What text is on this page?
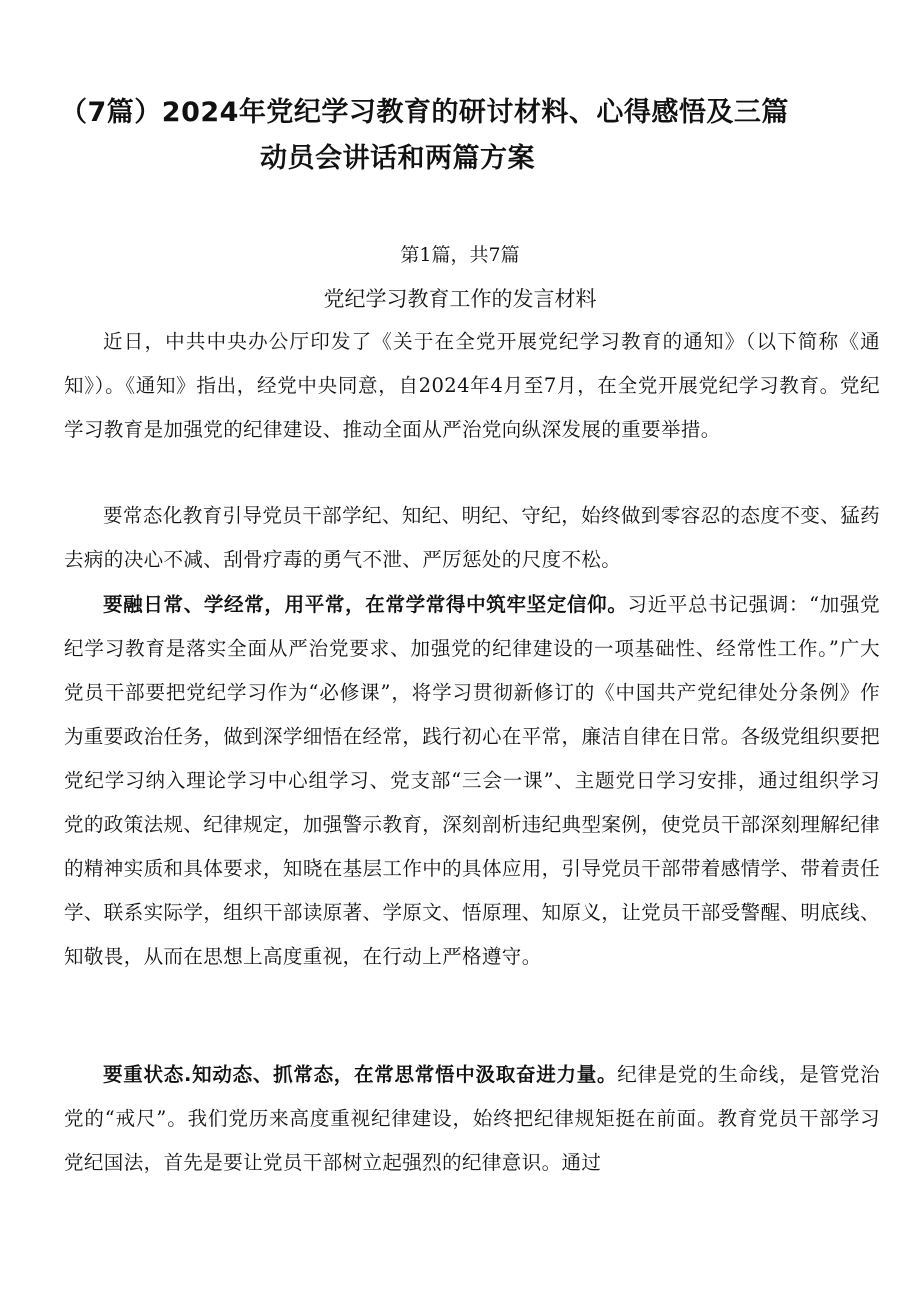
（7篇）2024年党纪学习教育的研讨材料、心得感悟及三篇
动员会讲话和两篇方案
第1篇，共7篇
党纪学习教育工作的发言材料

近日，中共中央办公厅印发了《关于在全党开展党纪学习教育的通知》（以下简称《通知》）。《通知》指出，经党中央同意，自2024年4月至7月，在全党开展党纪学习教育。党纪学习教育是加强党的纪律建设、推动全面从严治党向纵深发展的重要举措。

要常态化教育引导党员干部学纪、知纪、明纪、守纪，始终做到零容忍的态度不变、猛药去病的决心不减、刮骨疗毒的勇气不泄、严厉惩处的尺度不松。

要融日常、学经常，用平常，在常学常得中筑牢坚定信仰。习近平总书记强调：“加强党纪学习教育是落实全面从严治党要求、加强党的纪律建设的一项基础性、经常性工作。”广大党员干部要把党纪学习作为“必修课”，将学习贯彻新修订的《中国共产党纪律处分条例》作为重要政治任务，做到深学细悟在经常，践行初心在平常，廉洁自律在日常。各级党组织要把党纪学习纳入理论学习中心组学习、党支部“三会一课”、主题党日学习安排，通过组织学习党的政策法规、纪律规定，加强警示教育，深刻剖析违纪典型案例，使党员干部深刻理解纪律的精神实质和具体要求，知晓在基层工作中的具体应用，引导党员干部带着感情学、带着责任学、联系实际学，组织干部读原著、学原文、悟原理、知原义，让党员干部受警醒、明底线、知敬畏，从而在思想上高度重视，在行动上严格遵守。

要重状态.知动态、抓常态，在常思常悟中汲取奋进力量。纪律是党的生命线，是管党治党的“戒尺”。我们党历来高度重视纪律建设，始终把纪律规矩挺在前面。教育党员干部学习党纪国法，首先是要让党员干部树立起强烈的纪律意识。通过
